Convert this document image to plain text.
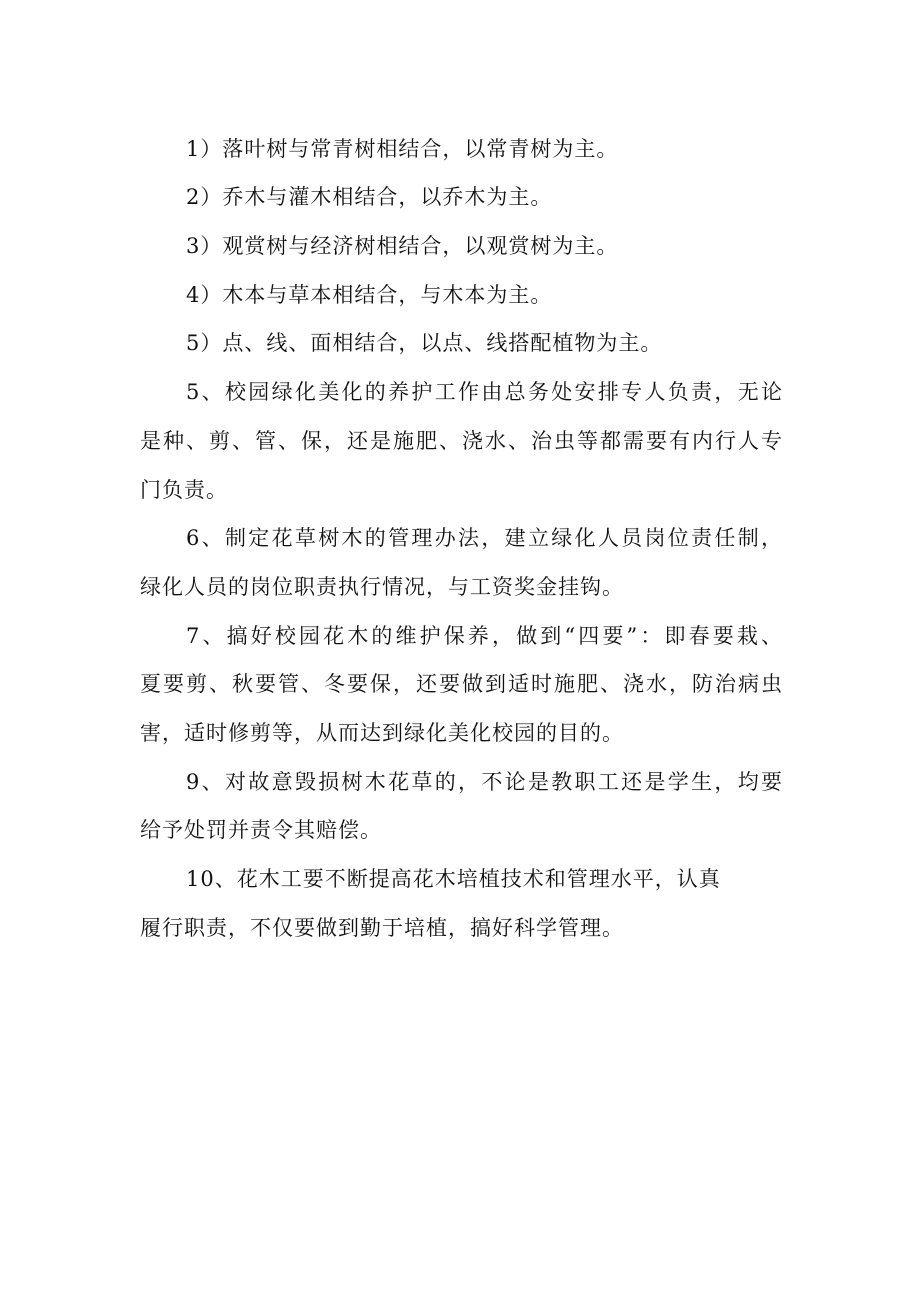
1）落叶树与常青树相结合，以常青树为主。
2）乔木与灌木相结合，以乔木为主。
3）观赏树与经济树相结合，以观赏树为主。
4）木本与草本相结合，与木本为主。
5）点、线、面相结合，以点、线搭配植物为主。
5、校园绿化美化的养护工作由总务处安排专人负责，无论
是种、剪、管、保，还是施肥、浇水、治虫等都需要有内行人专
门负责。
6、制定花草树木的管理办法，建立绿化人员岗位责任制，
绿化人员的岗位职责执行情况，与工资奖金挂钩。
7、搞好校园花木的维护保养，做到“四要”：即春要栽、
夏要剪、秋要管、冬要保，还要做到适时施肥、浇水，防治病虫
害，适时修剪等，从而达到绿化美化校园的目的。
9、对故意毁损树木花草的，不论是教职工还是学生，均要
给予处罚并责令其赔偿。
10、花木工要不断提高花木培植技术和管理水平，认真
履行职责，不仅要做到勤于培植，搞好科学管理。
